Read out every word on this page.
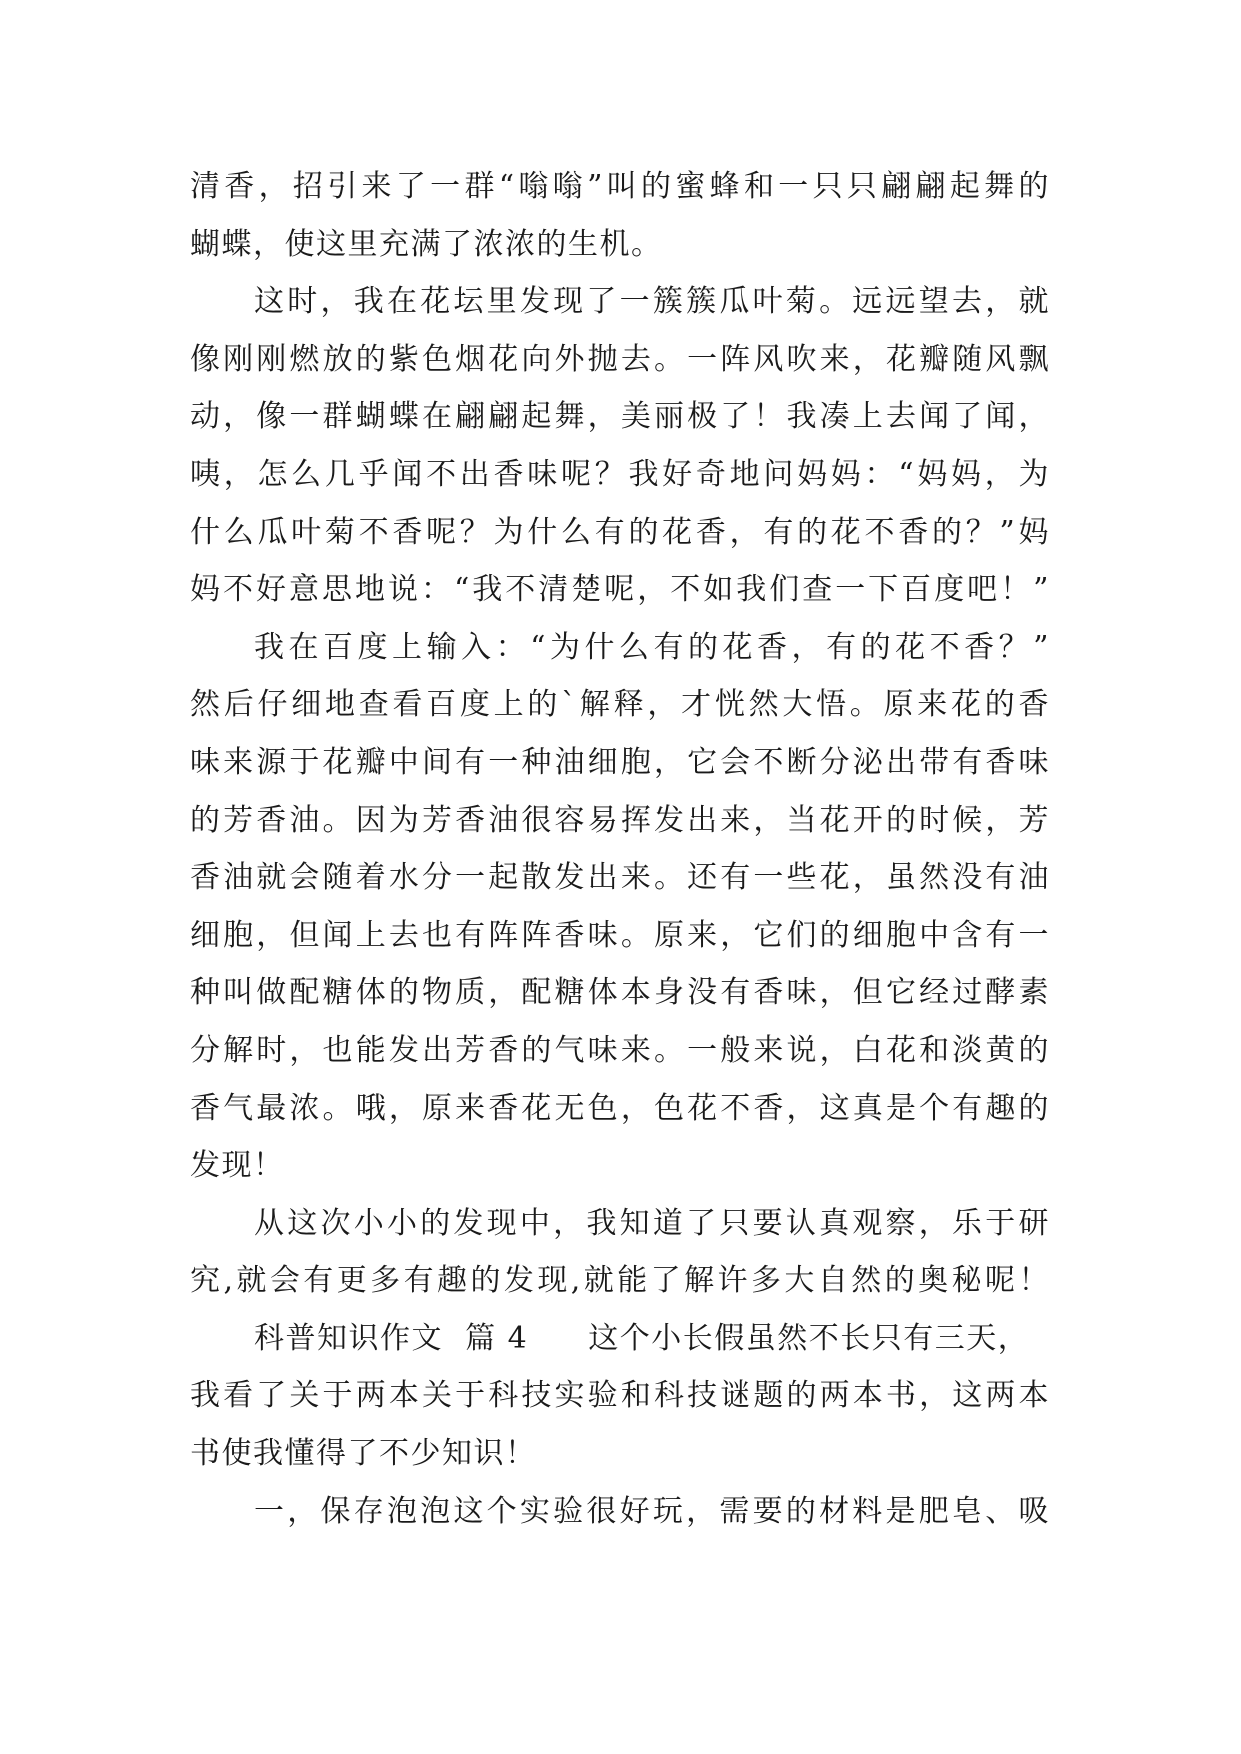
清香，招引来了一群“嗡嗡”叫的蜜蜂和一只只翩翩起舞的
蝴蝶，使这里充满了浓浓的生机。
这时，我在花坛里发现了一簇簇瓜叶菊。远远望去，就
像刚刚燃放的紫色烟花向外抛去。一阵风吹来，花瓣随风飘
动，像一群蝴蝶在翩翩起舞，美丽极了！我凑上去闻了闻，
咦，怎么几乎闻不出香味呢？我好奇地问妈妈：“妈妈，为
什么瓜叶菊不香呢？为什么有的花香，有的花不香的？”妈
妈不好意思地说：“我不清楚呢，不如我们查一下百度吧！”
我在百度上输入：“为什么有的花香，有的花不香？”
然后仔细地查看百度上的`解释，才恍然大悟。原来花的香
味来源于花瓣中间有一种油细胞，它会不断分泌出带有香味
的芳香油。因为芳香油很容易挥发出来，当花开的时候，芳
香油就会随着水分一起散发出来。还有一些花，虽然没有油
细胞，但闻上去也有阵阵香味。原来，它们的细胞中含有一
种叫做配糖体的物质，配糖体本身没有香味，但它经过酵素
分解时，也能发出芳香的气味来。一般来说，白花和淡黄的
香气最浓。哦，原来香花无色，色花不香，这真是个有趣的
发现！
从这次小小的发现中，我知道了只要认真观察，乐于研
究,就会有更多有趣的发现,就能了解许多大自然的奥秘呢！
科普知识作文 篇 4 这个小长假虽然不长只有三天，
我看了关于两本关于科技实验和科技谜题的两本书，这两本
书使我懂得了不少知识！
一，保存泡泡这个实验很好玩，需要的材料是肥皂、吸
